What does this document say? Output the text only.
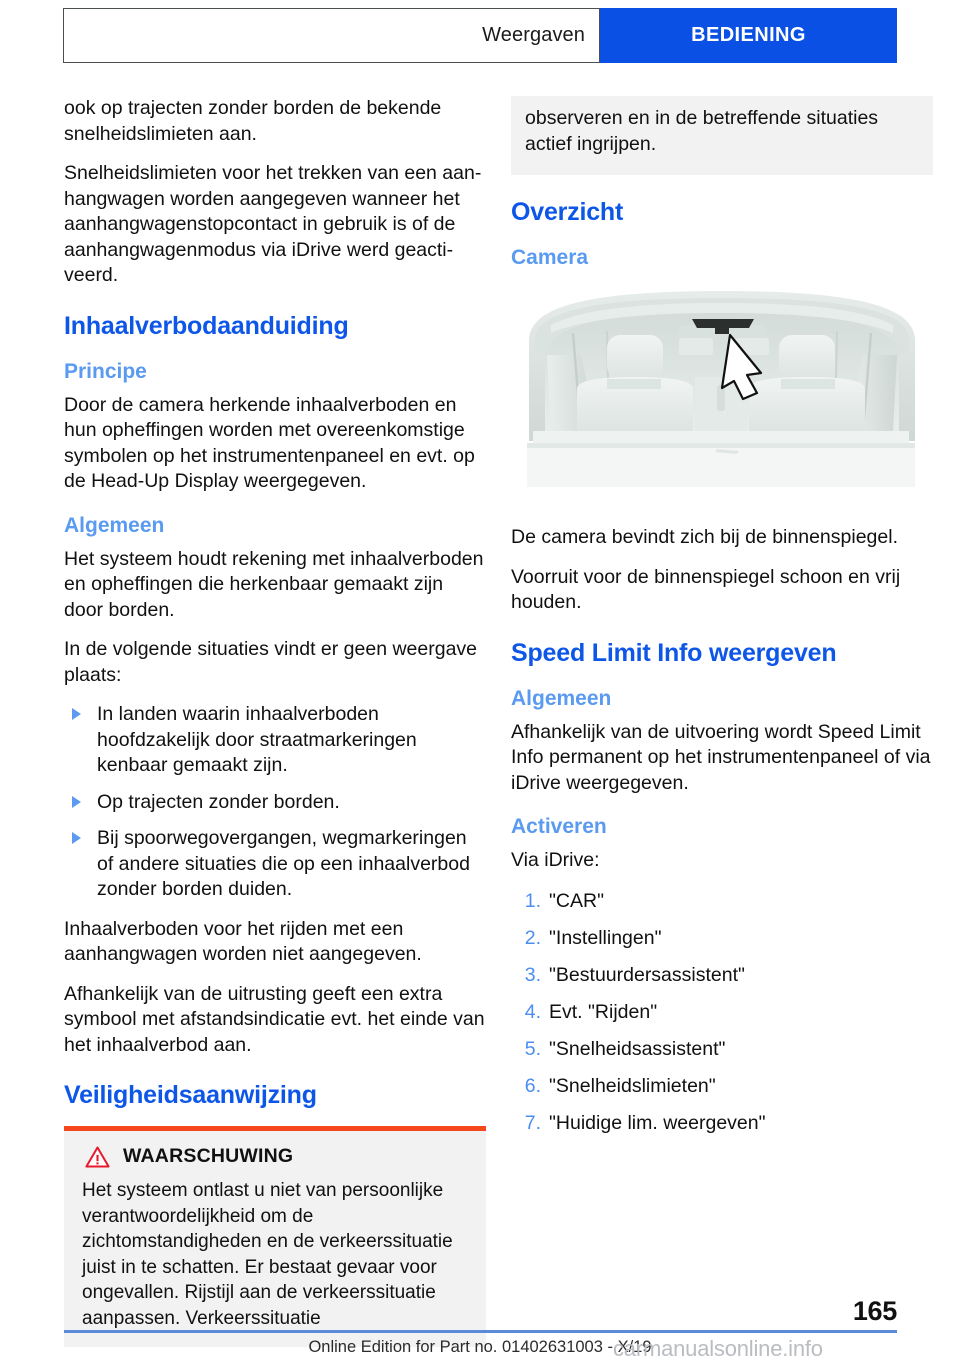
Weergaven	BEDIENING

ook op trajecten zonder borden de bekende snelheidslimieten aan.

Snelheidslimieten voor het trekken van een aan-hangwagen worden aangegeven wanneer het aanhangwagenstopcontact in gebruik is of de aanhangwagenmodus via iDrive werd geacti-veerd.

Inhaalverbodaanduiding
Principe

Door de camera herkende inhaalverboden en hun opheffingen worden met overeenkomstige symbolen op het instrumentenpaneel en evt. op de Head-Up Display weergegeven.

Algemeen

Het systeem houdt rekening met inhaalverboden en opheffingen die herkenbaar gemaakt zijn door borden.

In de volgende situaties vindt er geen weergave plaats:

In landen waarin inhaalverboden hoofdzakelijk door straatmarkeringen kenbaar gemaakt zijn.
Op trajecten zonder borden.
Bij spoorwegovergangen, wegmarkeringen of andere situaties die op een inhaalverbod zonder borden duiden.

Inhaalverboden voor het rijden met een aanhangwagen worden niet aangegeven.

Afhankelijk van de uitrusting geeft een extra symbool met afstandsindicatie evt. het einde van het inhaalverbod aan.

Veiligheidsaanwijzing
WAARSCHUWING

Het systeem ontlast u niet van persoonlijke verantwoordelijkheid om de zichtomstandigheden en de verkeerssituatie juist in te schatten. Er bestaat gevaar voor ongevallen. Rijstijl aan de verkeerssituatie aanpassen. Verkeerssituatie

observeren en in de betreffende situaties actief ingrijpen.

Overzicht
Camera

De camera bevindt zich bij de binnenspiegel.

Voorruit voor de binnenspiegel schoon en vrij houden.

Speed Limit Info weergeven
Algemeen

Afhankelijk van de uitvoering wordt Speed Limit Info permanent op het instrumentenpaneel of via iDrive weergegeven.

Activeren

Via iDrive:

1. "CAR"
2. "Instellingen"
3. "Bestuurdersassistent"
4. Evt. "Rijden"
5. "Snelheidsassistent"
6. "Snelheidslimieten"
7. "Huidige lim. weergeven"
165
Online Edition for Part no. 01402631003 - X/19
carmanualsonline.info
